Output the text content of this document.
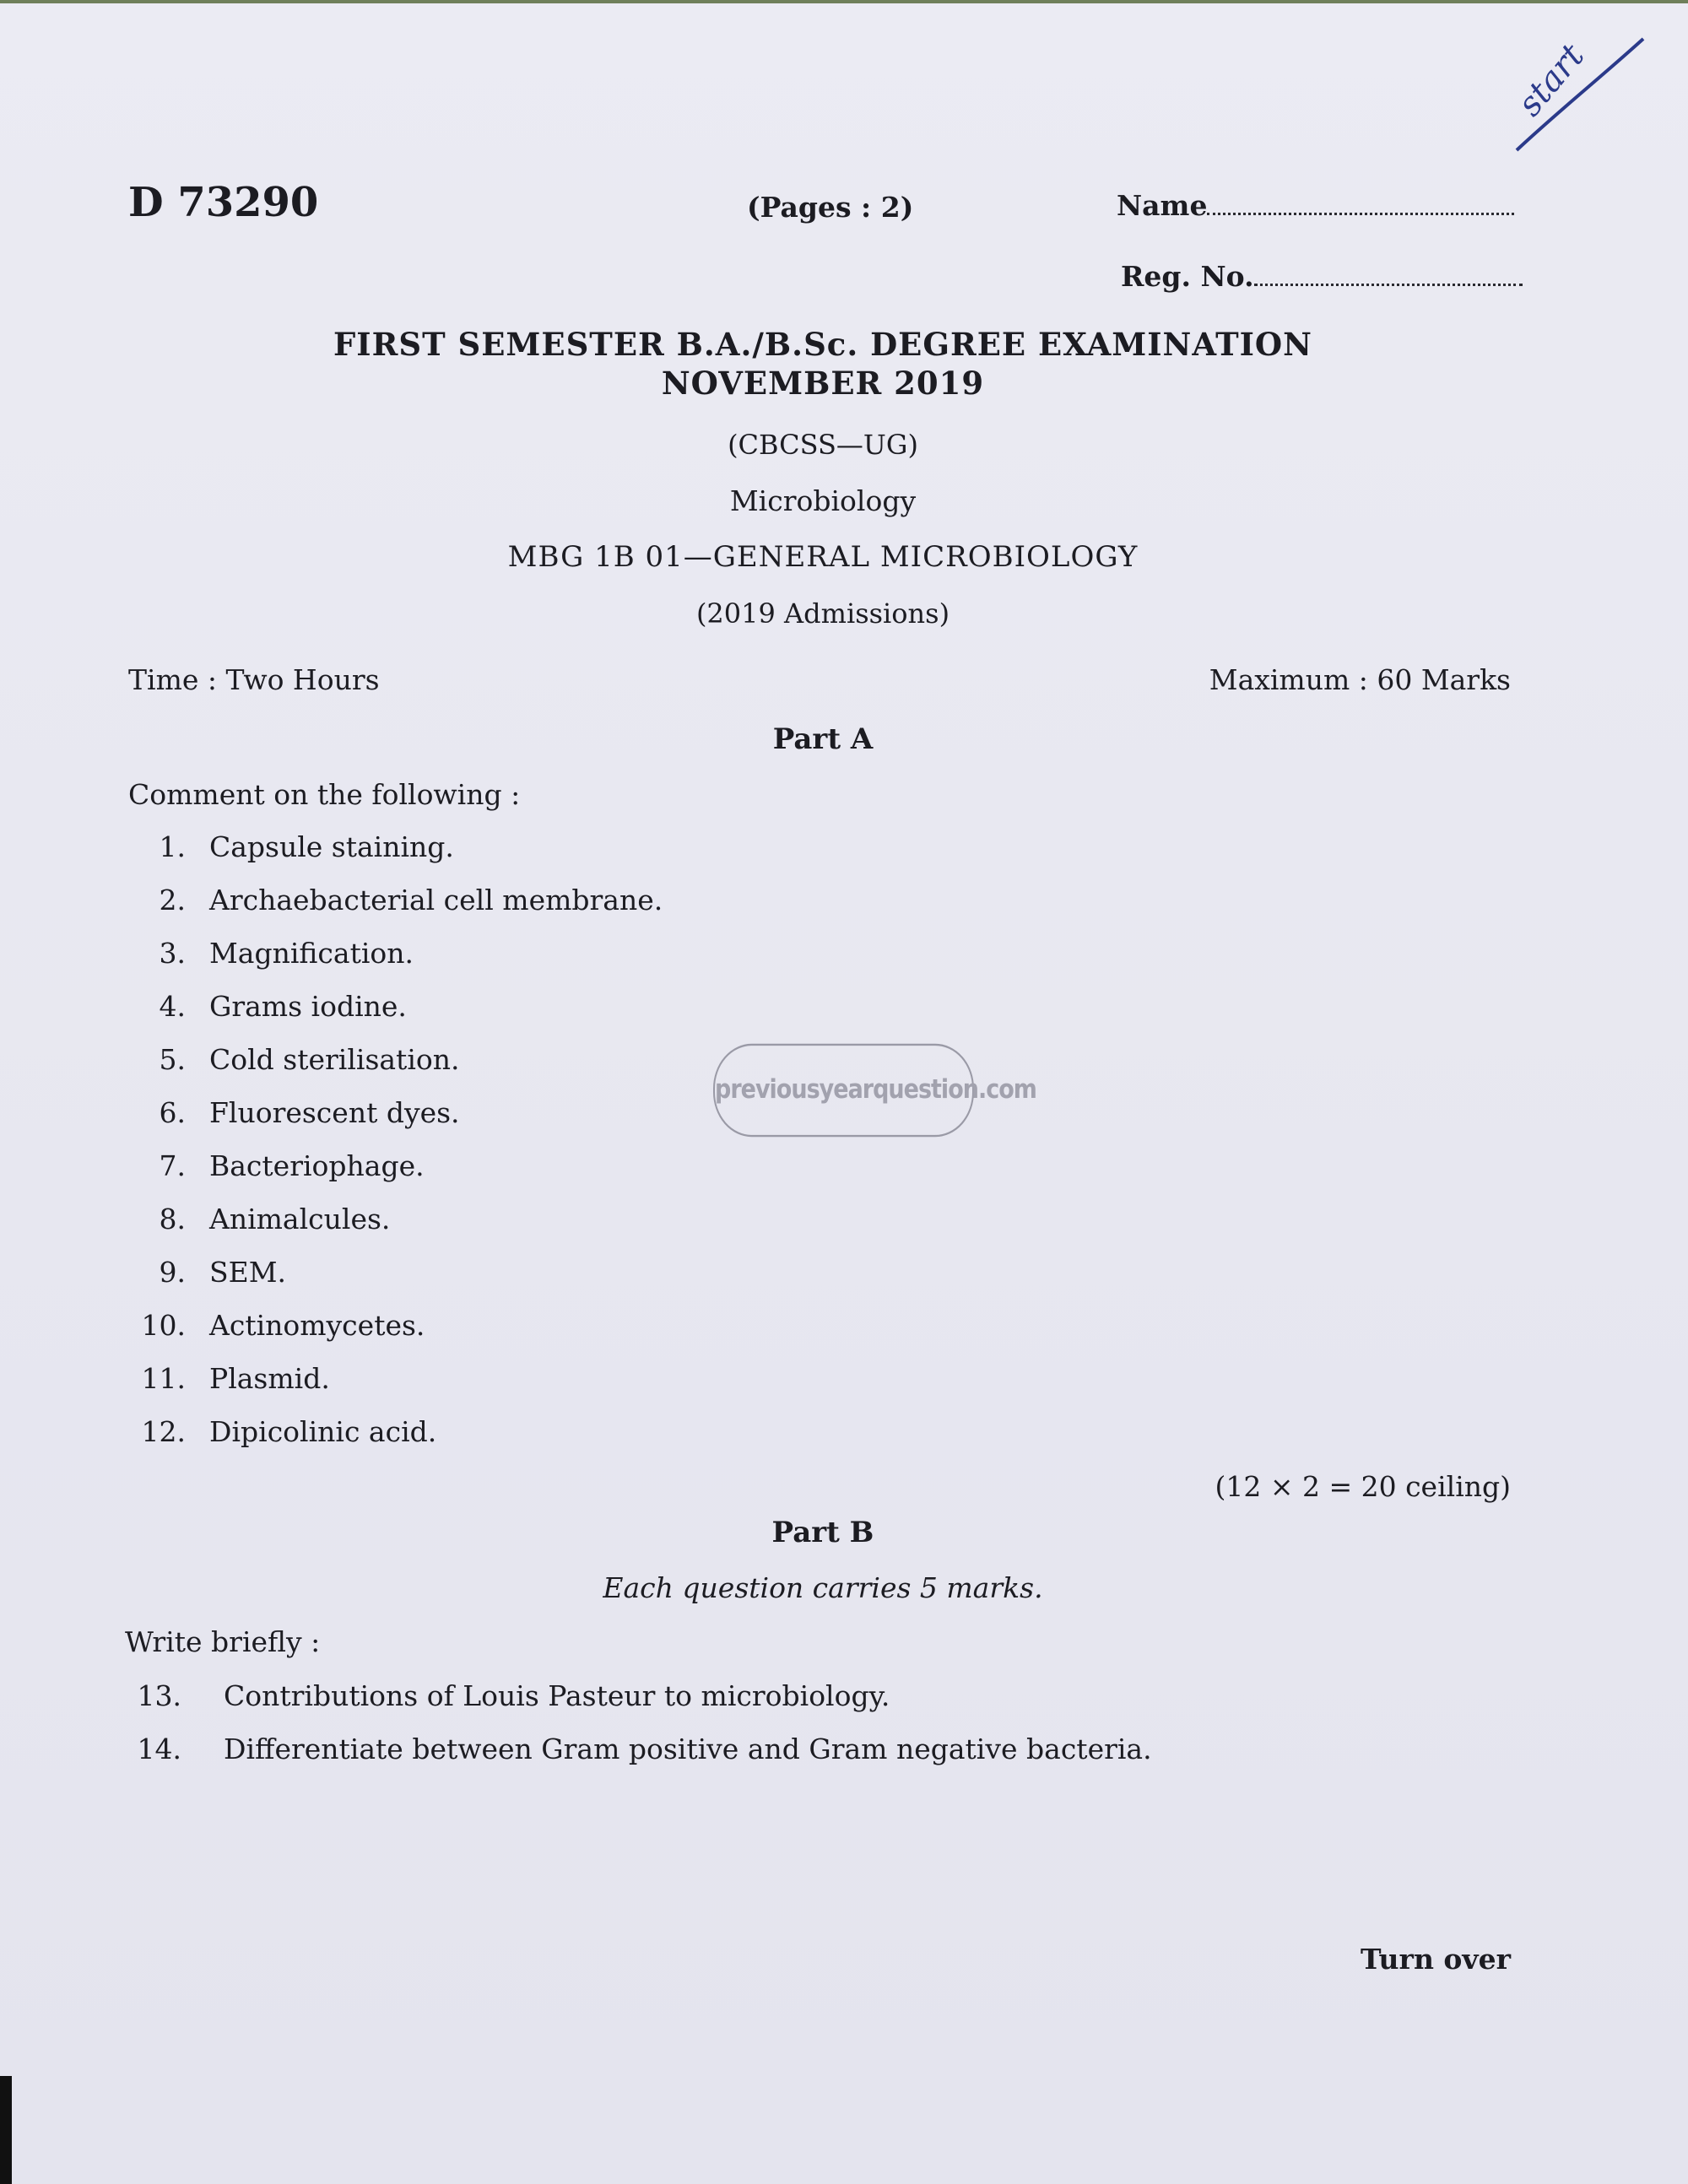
D 73290	(Pages : 2)	Name
Reg. No.
FIRST SEMESTER B.A./B.Sc. DEGREE EXAMINATION
NOVEMBER 2019
(CBCSS—UG)
Microbiology
MBG 1B 01—GENERAL MICROBIOLOGY
(2019 Admissions)
Time : Two Hours	Maximum : 60 Marks
Part A
Comment on the following :
1. Capsule staining.
2. Archaebacterial cell membrane.
3. Magnification.
4. Grams iodine.
5. Cold sterilisation.
6. Fluorescent dyes.
7. Bacteriophage.
8. Animalcules.
9. SEM.
10. Actinomycetes.
11. Plasmid.
12. Dipicolinic acid.
(12 × 2 = 20 ceiling)
Part B
Each question carries 5 marks.
Write briefly :
13. Contributions of Louis Pasteur to microbiology.
14. Differentiate between Gram positive and Gram negative bacteria.
Turn over
previousyearquestion.com
start
